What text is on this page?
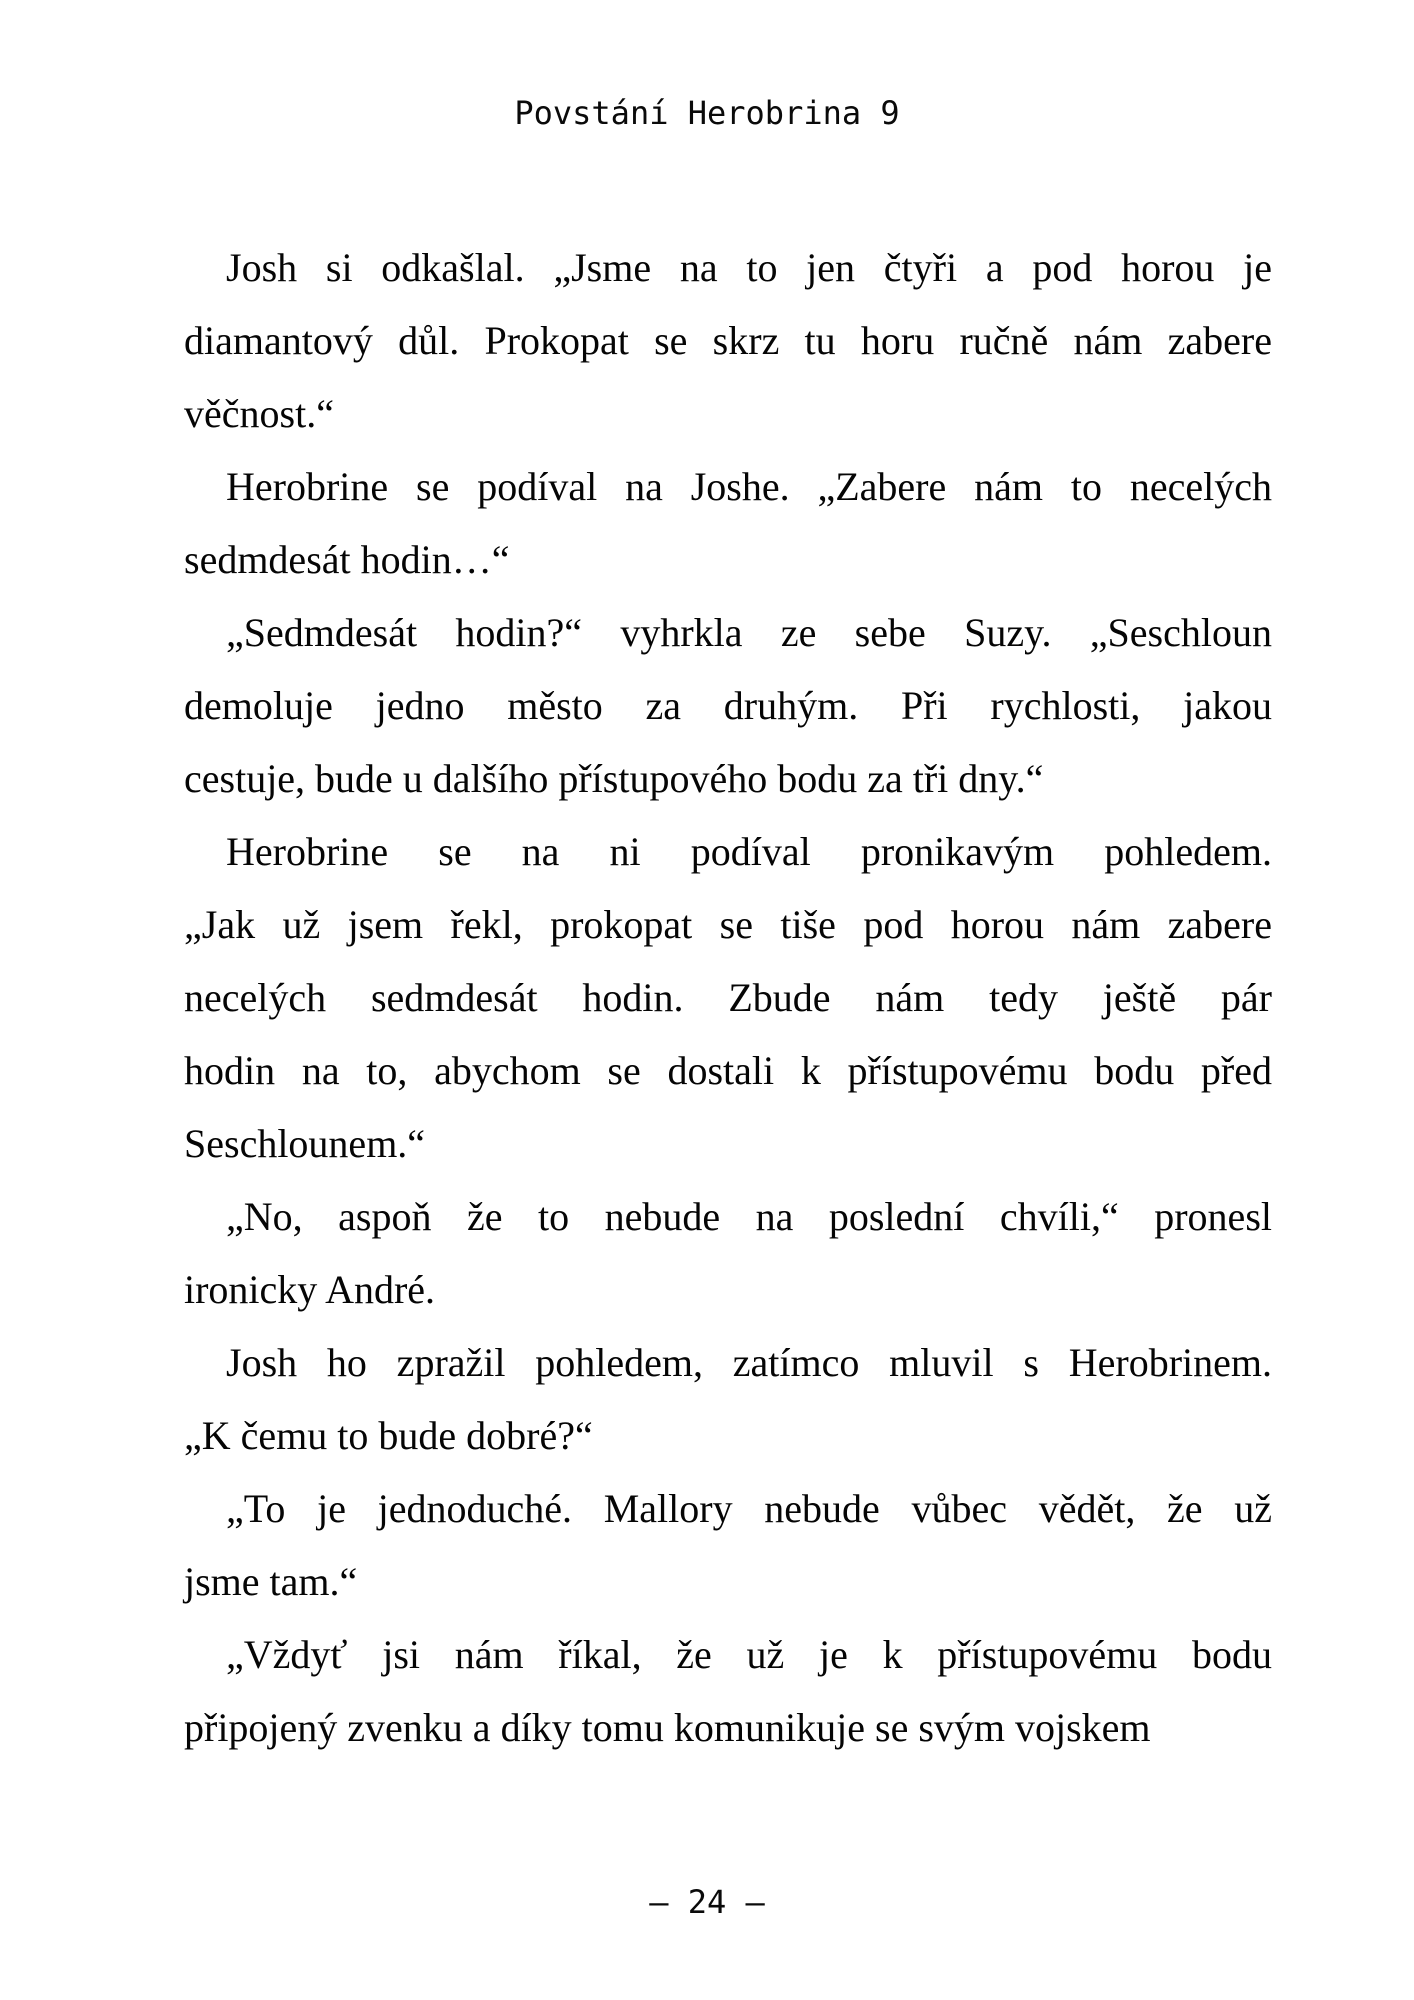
Povstání Herobrina 9
Josh si odkašlal. „Jsme na to jen čtyři a pod horou je
diamantový důl. Prokopat se skrz tu horu ručně nám zabere
věčnost.“
Herobrine se podíval na Joshe. „Zabere nám to necelých
sedmdesát hodin…“
„Sedmdesát hodin?“ vyhrkla ze sebe Suzy. „Seschloun
demoluje jedno město za druhým. Při rychlosti, jakou
cestuje, bude u dalšího přístupového bodu za tři dny.“
Herobrine se na ni podíval pronikavým pohledem.
„Jak už jsem řekl, prokopat se tiše pod horou nám zabere
necelých sedmdesát hodin. Zbude nám tedy ještě pár
hodin na to, abychom se dostali k přístupovému bodu před
Seschlounem.“
„No, aspoň že to nebude na poslední chvíli,“ pronesl
ironicky André.
Josh ho zpražil pohledem, zatímco mluvil s Herobrinem.
„K čemu to bude dobré?“
„To je jednoduché. Mallory nebude vůbec vědět, že už
jsme tam.“
„Vždyť jsi nám říkal, že už je k přístupovému bodu
připojený zvenku a díky tomu komunikuje se svým vojskem
– 24 –
